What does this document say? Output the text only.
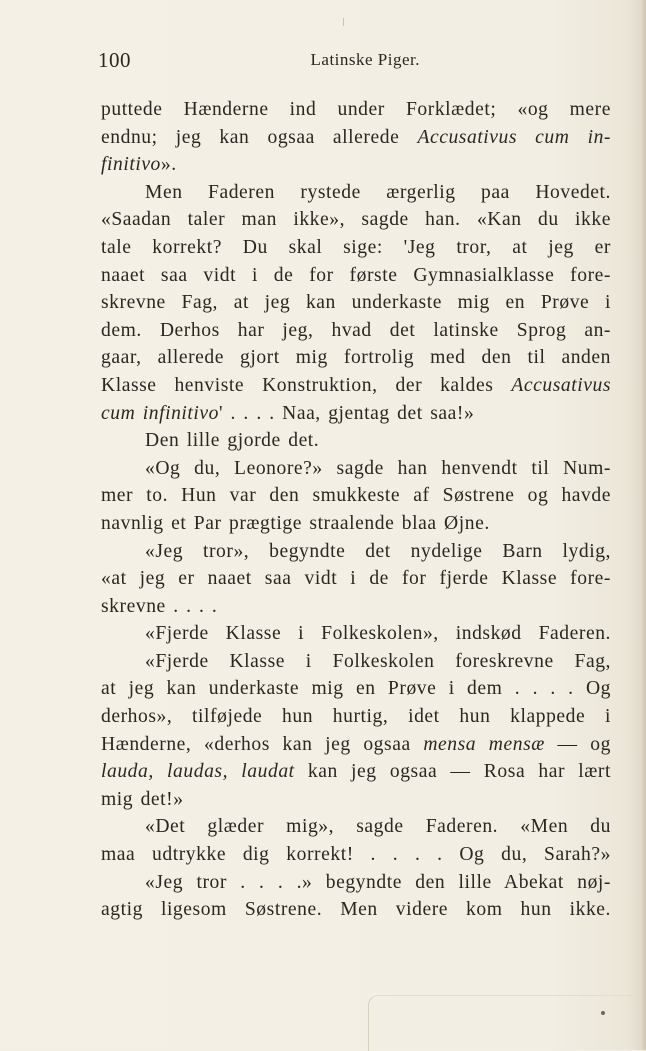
100	Latinske Piger.
puttede Hænderne ind under Forklædet; «og mere
endnu; jeg kan ogsaa allerede Accusativus cum in-
finitivo».
Men Faderen rystede ærgerlig paa Hovedet.
«Saadan taler man ikke», sagde han. «Kan du ikke
tale korrekt? Du skal sige: 'Jeg tror, at jeg er
naaet saa vidt i de for første Gymnasialklasse fore-
skrevne Fag, at jeg kan underkaste mig en Prøve i
dem. Derhos har jeg, hvad det latinske Sprog an-
gaar, allerede gjort mig fortrolig med den til anden
Klasse henviste Konstruktion, der kaldes Accusativus
cum infinitivo' . . . . Naa, gjentag det saa!»
Den lille gjorde det.
«Og du, Leonore?» sagde han henvendt til Num-
mer to. Hun var den smukkeste af Søstrene og havde
navnlig et Par prægtige straalende blaa Øjne.
«Jeg tror», begyndte det nydelige Barn lydig,
«at jeg er naaet saa vidt i de for fjerde Klasse fore-
skrevne . . . .
«Fjerde Klasse i Folkeskolen», indskød Faderen.
«Fjerde Klasse i Folkeskolen foreskrevne Fag,
at jeg kan underkaste mig en Prøve i dem . . . . Og
derhos», tilføjede hun hurtig, idet hun klappede i
Hænderne, «derhos kan jeg ogsaa mensa mensæ — og
lauda, laudas, laudat kan jeg ogsaa — Rosa har lært
mig det!»
«Det glæder mig», sagde Faderen. «Men du
maa udtrykke dig korrekt! . . . . Og du, Sarah?»
«Jeg tror . . . .» begyndte den lille Abekat nøj-
agtig ligesom Søstrene. Men videre kom hun ikke.
